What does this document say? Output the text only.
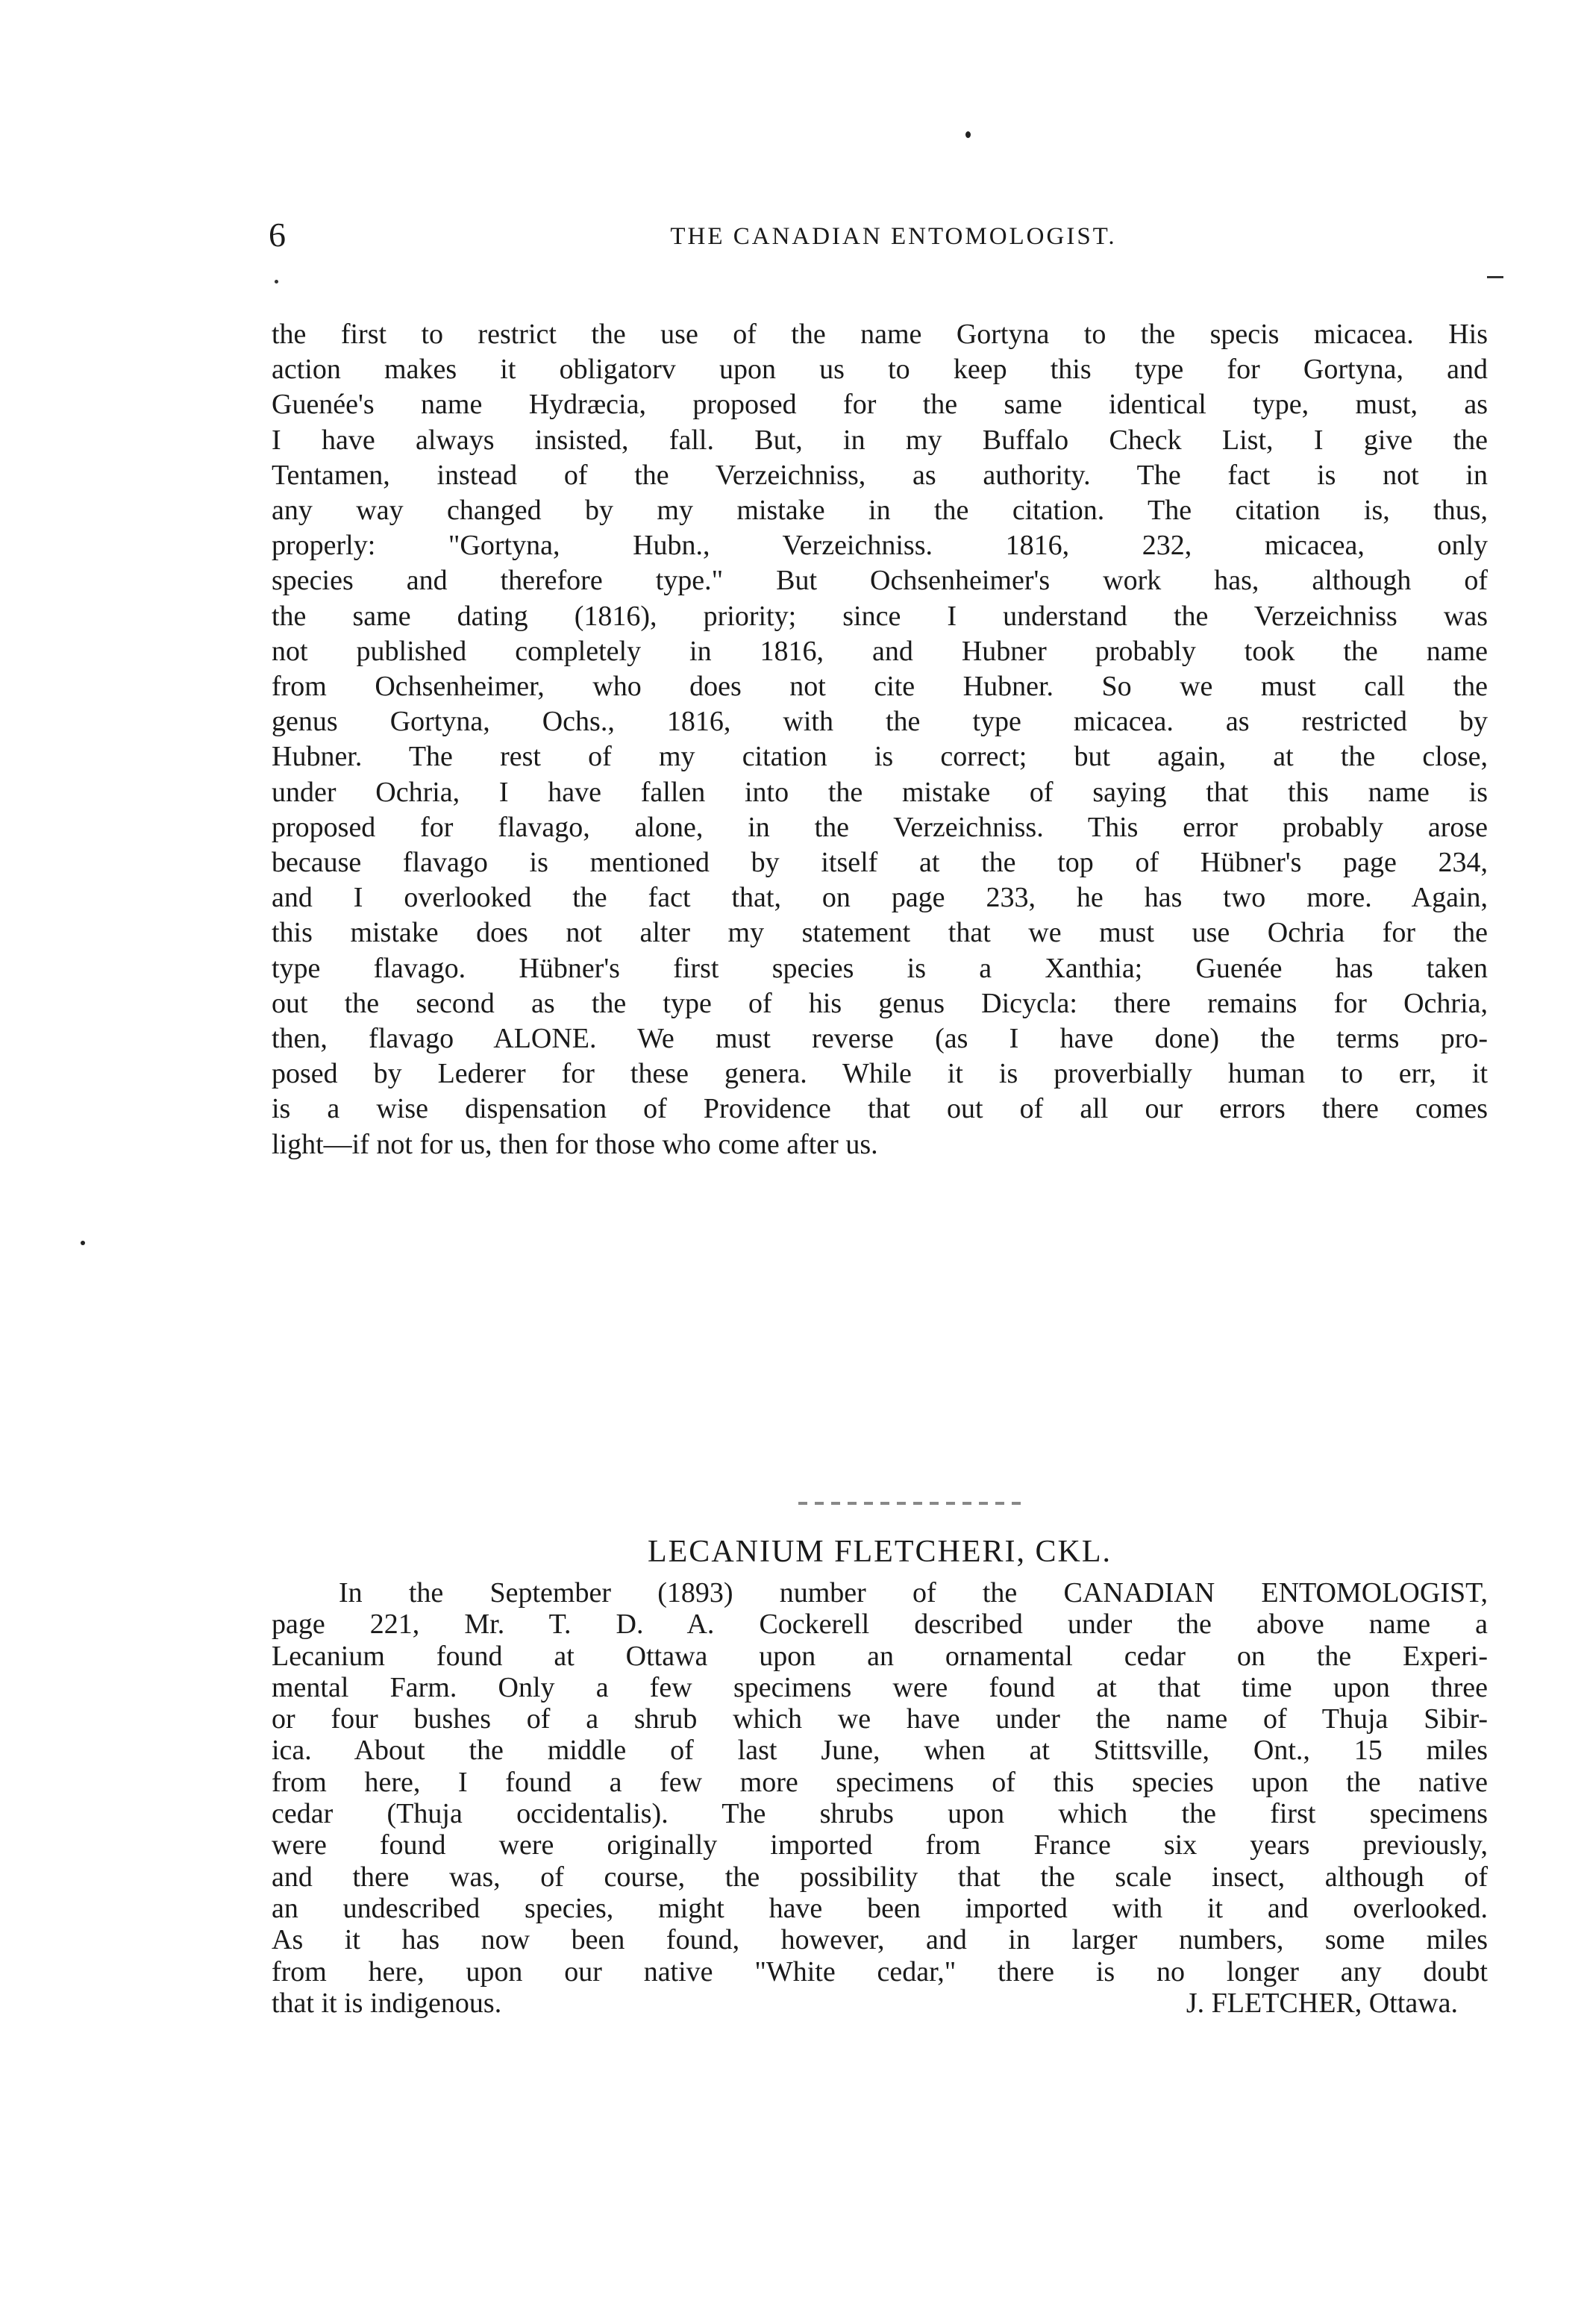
6	THE CANADIAN ENTOMOLOGIST.
the first to restrict the use of the name Gortyna to the specis micacea. His
action makes it obligatorv upon us to keep this type for Gortyna, and
Guenée's name Hydræcia, proposed for the same identical type, must, as
I have always insisted, fall. But, in my Buffalo Check List, I give the
Tentamen, instead of the Verzeichniss, as authority. The fact is not in
any way changed by my mistake in the citation. The citation is, thus,
properly: "Gortyna, Hubn., Verzeichniss. 1816, 232, micacea, only
species and therefore type." But Ochsenheimer's work has, although of
the same dating (1816), priority; since I understand the Verzeichniss was
not published completely in 1816, and Hubner probably took the name
from Ochsenheimer, who does not cite Hubner. So we must call the
genus Gortyna, Ochs., 1816, with the type micacea. as restricted by
Hubner. The rest of my citation is correct; but again, at the close,
under Ochria, I have fallen into the mistake of saying that this name is
proposed for flavago, alone, in the Verzeichniss. This error probably arose
because flavago is mentioned by itself at the top of Hübner's page 234,
and I overlooked the fact that, on page 233, he has two more. Again,
this mistake does not alter my statement that we must use Ochria for the
type flavago. Hübner's first species is a Xanthia; Guenée has taken
out the second as the type of his genus Dicycla: there remains for Ochria,
then, flavago ALONE. We must reverse (as I have done) the terms pro-
posed by Lederer for these genera. While it is proverbially human to err, it
is a wise dispensation of Providence that out of all our errors there comes
light—if not for us, then for those who come after us.
LECANIUM FLETCHERI, CKL.
In the September (1893) number of the CANADIAN ENTOMOLOGIST,
page 221, Mr. T. D. A. Cockerell described under the above name a
Lecanium found at Ottawa upon an ornamental cedar on the Experi-
mental Farm. Only a few specimens were found at that time upon three
or four bushes of a shrub which we have under the name of Thuja Sibir-
ica. About the middle of last June, when at Stittsville, Ont., 15 miles
from here, I found a few more specimens of this species upon the native
cedar (Thuja occidentalis). The shrubs upon which the first specimens
were found were originally imported from France six years previously,
and there was, of course, the possibility that the scale insect, although of
an undescribed species, might have been imported with it and overlooked.
As it has now been found, however, and in larger numbers, some miles
from here, upon our native "White cedar," there is no longer any doubt
that it is indigenous.	J. FLETCHER, Ottawa.
